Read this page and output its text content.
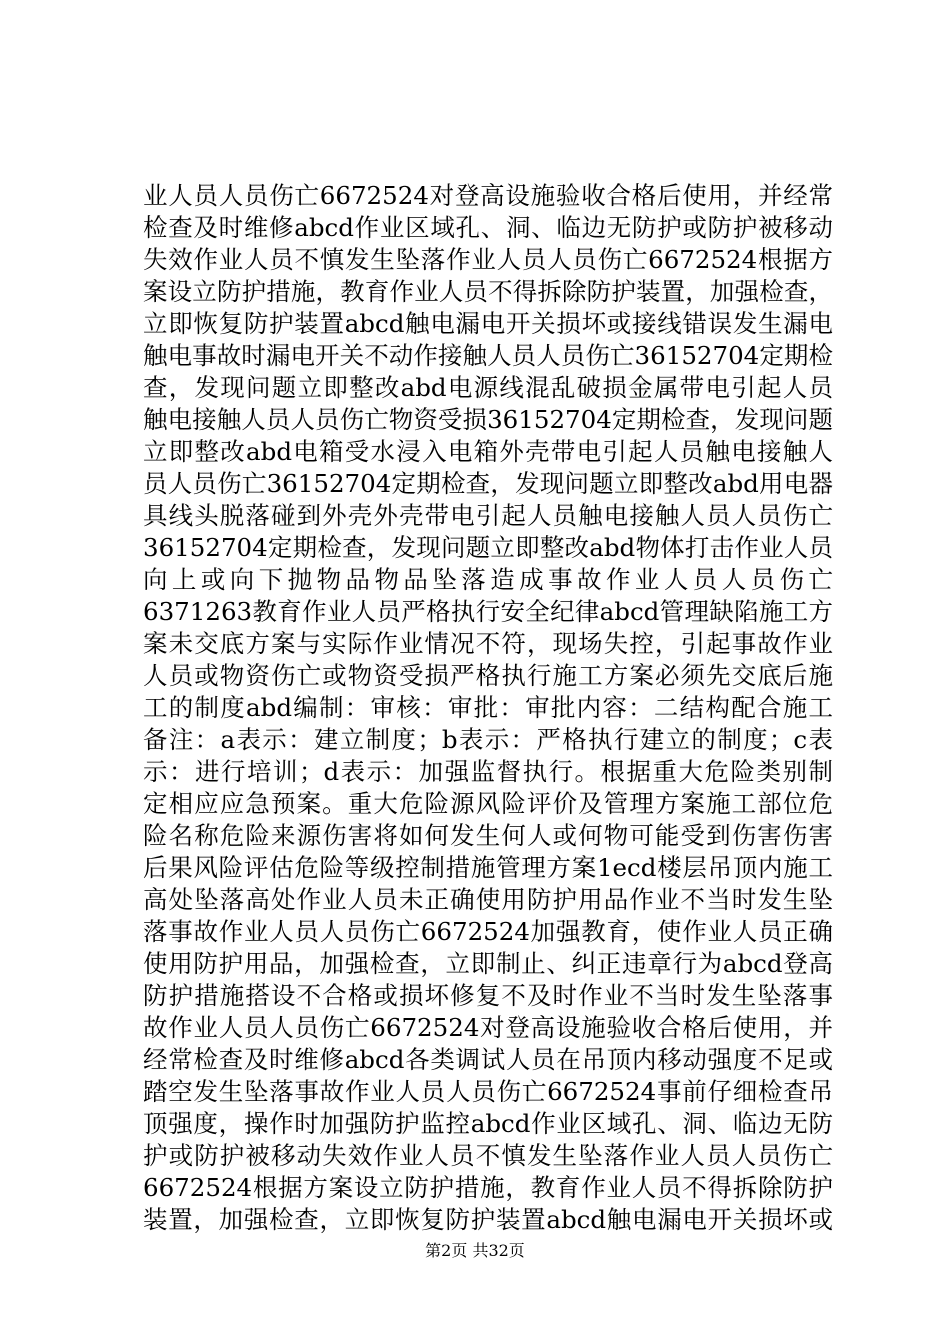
业人员人员伤亡6672524对登高设施验收合格后使用，并经常
检查及时维修abcd作业区域孔、洞、临边无防护或防护被移动
失效作业人员不慎发生坠落作业人员人员伤亡6672524根据方
案设立防护措施，教育作业人员不得拆除防护装置，加强检查，
立即恢复防护装置abcd触电漏电开关损坏或接线错误发生漏电
触电事故时漏电开关不动作接触人员人员伤亡36152704定期检
查，发现问题立即整改abd电源线混乱破损金属带电引起人员
触电接触人员人员伤亡物资受损36152704定期检查，发现问题
立即整改abd电箱受水浸入电箱外壳带电引起人员触电接触人
员人员伤亡36152704定期检查，发现问题立即整改abd用电器
具线头脱落碰到外壳外壳带电引起人员触电接触人员人员伤亡
36152704定期检查，发现问题立即整改abd物体打击作业人员
向上或向下抛物品物品坠落造成事故作业人员人员伤亡
6371263教育作业人员严格执行安全纪律abcd管理缺陷施工方
案未交底方案与实际作业情况不符，现场失控，引起事故作业
人员或物资伤亡或物资受损严格执行施工方案必须先交底后施
工的制度abd编制：审核：审批：审批内容：二结构配合施工
备注：a表示：建立制度；b表示：严格执行建立的制度；c表
示：进行培训；d表示：加强监督执行。根据重大危险类别制
定相应应急预案。重大危险源风险评价及管理方案施工部位危
险名称危险来源伤害将如何发生何人或何物可能受到伤害伤害
后果风险评估危险等级控制措施管理方案1ecd楼层吊顶内施工
高处坠落高处作业人员未正确使用防护用品作业不当时发生坠
落事故作业人员人员伤亡6672524加强教育，使作业人员正确
使用防护用品，加强检查，立即制止、纠正违章行为abcd登高
防护措施搭设不合格或损坏修复不及时作业不当时发生坠落事
故作业人员人员伤亡6672524对登高设施验收合格后使用，并
经常检查及时维修abcd各类调试人员在吊顶内移动强度不足或
踏空发生坠落事故作业人员人员伤亡6672524事前仔细检查吊
顶强度，操作时加强防护监控abcd作业区域孔、洞、临边无防
护或防护被移动失效作业人员不慎发生坠落作业人员人员伤亡
6672524根据方案设立防护措施，教育作业人员不得拆除防护
装置，加强检查，立即恢复防护装置abcd触电漏电开关损坏或
第2页 共32页
